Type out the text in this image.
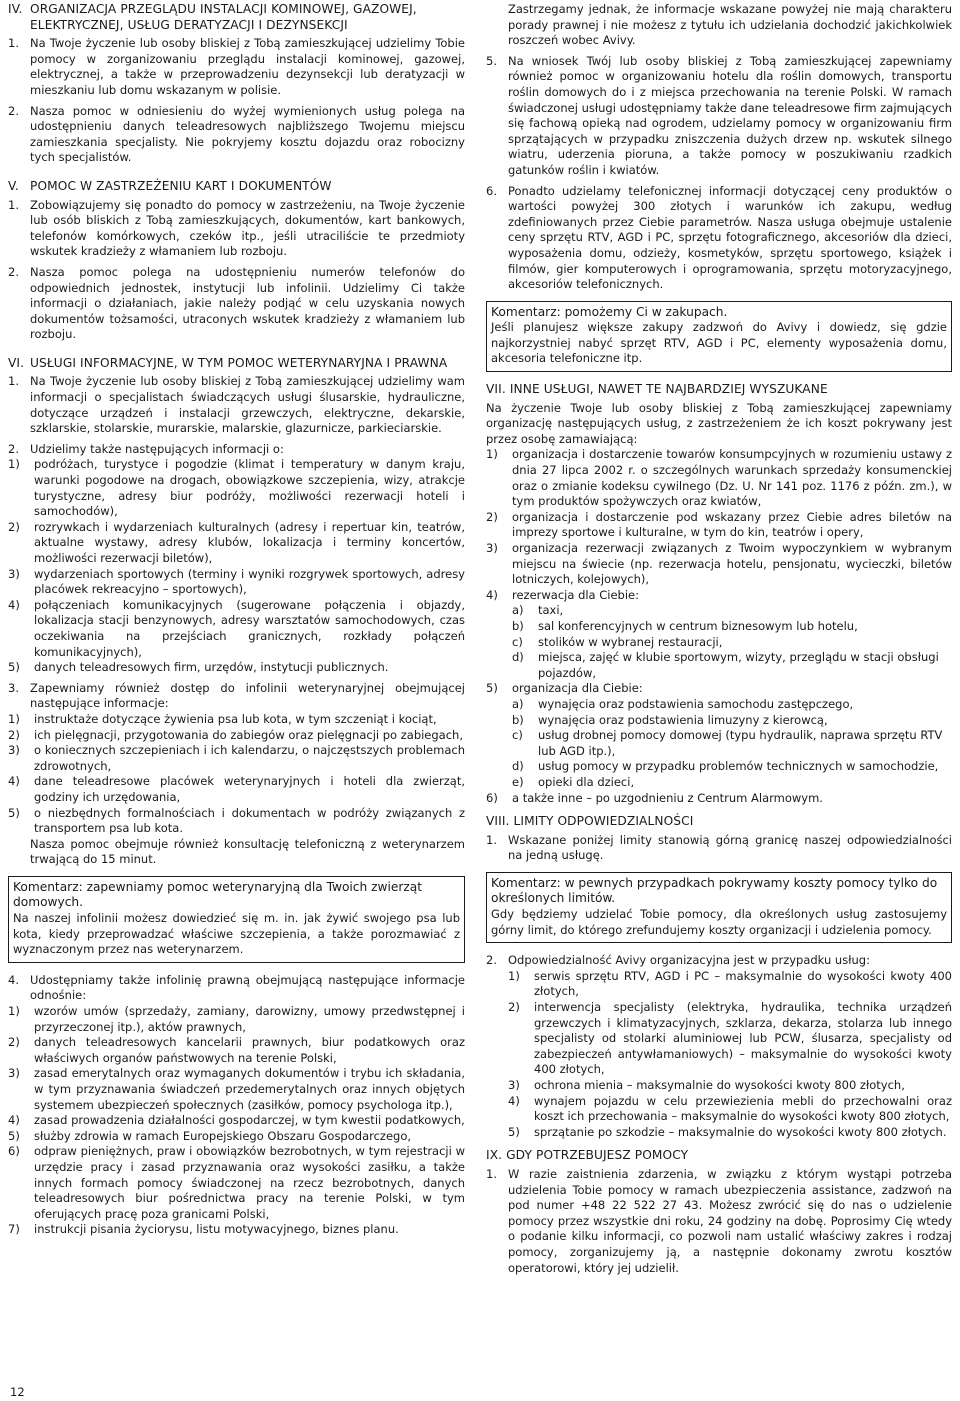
IV. ORGANIZACJA PRZEGLĄDU INSTALACJI KOMINOWEJ, GAZOWEJ, ELEKTRYCZNEJ, USŁUG DERATYZACJI I DEZYNSEKCJI
1. Na Twoje życzenie lub osoby bliskiej z Tobą zamieszkującej udzielimy Tobie pomocy w zorganizowaniu przeglądu instalacji kominowej, gazowej, elektrycznej, a także w przeprowadzeniu dezynsekcji lub deratyzacji w mieszkaniu lub domu wskazanym w polisie.
2. Nasza pomoc w odniesieniu do wyżej wymienionych usług polega na udostępnieniu danych teleadresowych najbliższego Twojemu miejscu zamieszkania specjalisty. Nie pokryjemy kosztu dojazdu oraz robocizny tych specjalistów.
V. POMOC W ZASTRZEŻENIU KART I DOKUMENTÓW
1. Zobowiązujemy się ponadto do pomocy w zastrzeżeniu, na Twoje życzenie lub osób bliskich z Tobą zamieszkujących, dokumentów, kart bankowych, telefonów komórkowych, czeków itp., jeśli utraciliście te przedmioty wskutek kradzieży z włamaniem lub rozboju.
2. Nasza pomoc polega na udostępnieniu numerów telefonów do odpowiednich jednostek, instytucji lub infolinii. Udzielimy Ci także informacji o działaniach, jakie należy podjąć w celu uzyskania nowych dokumentów tożsamości, utraconych wskutek kradzieży z włamaniem lub rozboju.
VI. USŁUGI INFORMACYJNE, W TYM POMOC WETERYNARYJNA I PRAWNA
1. Na Twoje życzenie lub osoby bliskiej z Tobą zamieszkującej udzielimy wam informacji o specjalistach świadczących usługi ślusarskie, hydrauliczne, dotyczące urządzeń i instalacji grzewczych, elektryczne, dekarskie, szklarskie, stolarskie, murarskie, malarskie, glazurnicze, parkieciarskie.
2. Udzielimy także następujących informacji o:
1)	podróżach, turystyce i pogodzie (klimat i temperatury w danym kraju, warunki pogodowe na drogach, obowiązkowe szczepienia, wizy, atrakcje turystyczne, adresy biur podróży, możliwości rezerwacji hoteli i samochodów),
2)	rozrywkach i wydarzeniach kulturalnych (adresy i repertuar kin, teatrów, aktualne wystawy, adresy klubów, lokalizacja i terminy koncertów, możliwości rezerwacji biletów),
3)	wydarzeniach sportowych (terminy i wyniki rozgrywek sportowych, adresy placówek rekreacyjno – sportowych),
4)	połączeniach komunikacyjnych (sugerowane połączenia i objazdy, lokalizacja stacji benzynowych, adresy warsztatów samochodowych, czas oczekiwania na przejściach granicznych, rozkłady połączeń komunikacyjnych),
5)	danych teleadresowych firm, urzędów, instytucji publicznych.
3. Zapewniamy również dostęp do infolinii weterynaryjnej obejmującej następujące informacje:
1)	instruktaże dotyczące żywienia psa lub kota, w tym szczeniąt i kociąt,
2)	ich pielęgnacji, przygotowania do zabiegów oraz pielęgnacji po zabiegach,
3)	o koniecznych szczepieniach i ich kalendarzu, o najczęstszych problemach zdrowotnych,
4)	dane teleadresowe placówek weterynaryjnych i hoteli dla zwierząt, godziny ich urzędowania,
5)	o niezbędnych formalnościach i dokumentach w podróży związanych z transportem psa lub kota.
Nasza pomoc obejmuje również konsultację telefoniczną z weterynarzem trwającą do 15 minut.
Komentarz: zapewniamy pomoc weterynaryjną dla Twoich zwierząt domowych.
Na naszej infolinii możesz dowiedzieć się m. in. jak żywić swojego psa lub kota, kiedy przeprowadzać właściwe szczepienia, a także porozmawiać z wyznaczonym przez nas weterynarzem.
4. Udostępniamy także infolinię prawną obejmującą następujące informacje odnośnie:
1)	wzorów umów (sprzedaży, zamiany, darowizny, umowy przedwstępnej i przyrzeczonej itp.), aktów prawnych,
2)	danych teleadresowych kancelarii prawnych, biur podatkowych oraz właściwych organów państwowych na terenie Polski,
3)	zasad emerytalnych oraz wymaganych dokumentów i trybu ich składania, w tym przyznawania świadczeń przedemerytalnych oraz innych objętych systemem ubezpieczeń społecznych (zasiłków, pomocy psychologa itp.),
4)	zasad prowadzenia działalności gospodarczej, w tym kwestii podatkowych,
5)	służby zdrowia w ramach Europejskiego Obszaru Gospodarczego,
6)	odpraw pieniężnych, praw i obowiązków bezrobotnych, w tym rejestracji w urzędzie pracy i zasad przyznawania oraz wysokości zasiłku, a także innych formach pomocy świadczonej na rzecz bezrobotnych, danych teleadresowych biur pośrednictwa pracy na terenie Polski, w tym oferujących pracę poza granicami Polski,
7)	instrukcji pisania życiorysu, listu motywacyjnego, biznes planu.
Zastrzegamy jednak, że informacje wskazane powyżej nie mają charakteru porady prawnej i nie możesz z tytułu ich udzielania dochodzić jakichkolwiek roszczeń wobec Avivy.
5. Na wniosek Twój lub osoby bliskiej z Tobą zamieszkującej zapewniamy również pomoc w organizowaniu hotelu dla roślin domowych, transportu roślin domowych do i z miejsca przechowania na terenie Polski. W ramach świadczonej usługi udostępniamy także dane teleadresowe firm zajmujących się fachową opieką nad ogrodem, udzielamy pomocy w organizowaniu firm sprzątających w przypadku zniszczenia dużych drzew np. wskutek silnego wiatru, uderzenia pioruna, a także pomocy w poszukiwaniu rzadkich gatunków roślin i kwiatów.
6. Ponadto udzielamy telefonicznej informacji dotyczącej ceny produktów o wartości powyżej 300 złotych i warunków ich zakupu, według zdefiniowanych przez Ciebie parametrów. Nasza usługa obejmuje ustalenie ceny sprzętu RTV, AGD i PC, sprzętu fotograficznego, akcesoriów dla dzieci, wyposażenia domu, odzieży, kosmetyków, sprzętu sportowego, książek i filmów, gier komputerowych i oprogramowania, sprzętu motoryzacyjnego, akcesoriów telefonicznych.
Komentarz: pomożemy Ci w zakupach.
Jeśli planujesz większe zakupy zadzwoń do Avivy i dowiedz, się gdzie najkorzystniej nabyć sprzęt RTV, AGD i PC, elementy wyposażenia domu, akcesoria telefoniczne itp.
VII. INNE USŁUGI, NAWET TE NAJBARDZIEJ WYSZUKANE
Na życzenie Twoje lub osoby bliskiej z Tobą zamieszkującej zapewniamy organizację następujących usług, z zastrzeżeniem że ich koszt pokrywany jest przez osobę zamawiającą:
1)	organizacja i dostarczenie towarów konsumpcyjnych w rozumieniu ustawy z dnia 27 lipca 2002 r. o szczególnych warunkach sprzedaży konsumenckiej oraz o zmianie kodeksu cywilnego (Dz. U. Nr 141 poz. 1176 z późn. zm.), w tym produktów spożywczych oraz kwiatów,
2)	organizacja i dostarczenie pod wskazany przez Ciebie adres biletów na imprezy sportowe i kulturalne, w tym do kin, teatrów i opery,
3)	organizacja rezerwacji związanych z Twoim wypoczynkiem w wybranym miejscu na świecie (np. rezerwacja hotelu, pensjonatu, wycieczki, biletów lotniczych, kolejowych),
4)	rezerwacja dla Ciebie:
a)	taxi,
b)	sal konferencyjnych w centrum biznesowym lub hotelu,
c)	stolików w wybranej restauracji,
d)	miejsca, zajęć w klubie sportowym, wizyty, przeglądu w stacji obsługi pojazdów,
5)	organizacja dla Ciebie:
a)	wynajęcia oraz podstawienia samochodu zastępczego,
b)	wynajęcia oraz podstawienia limuzyny z kierowcą,
c)	usług drobnej pomocy domowej (typu hydraulik, naprawa sprzętu RTV lub AGD itp.),
d)	usług pomocy w przypadku problemów technicznych w samochodzie,
e)	opieki dla dzieci,
6)	a także inne – po uzgodnieniu z Centrum Alarmowym.
VIII. LIMITY ODPOWIEDZIALNOŚCI
1. Wskazane poniżej limity stanowią górną granicę naszej odpowiedzialności na jedną usługę.
Komentarz: w pewnych przypadkach pokrywamy koszty pomocy tylko do określonych limitów.
Gdy będziemy udzielać Tobie pomocy, dla określonych usług zastosujemy górny limit, do którego zrefundujemy koszty organizacji i udzielenia pomocy.
2. Odpowiedzialność Avivy organizacyjna jest w przypadku usług:
1)	serwis sprzętu RTV, AGD i PC – maksymalnie do wysokości kwoty 400 złotych,
2)	interwencja specjalisty (elektryka, hydraulika, technika urządzeń grzewczych i klimatyzacyjnych, szklarza, dekarza, stolarza lub innego specjalisty od stolarki aluminiowej lub PCW, ślusarza, specjalisty od zabezpieczeń antywłamaniowych) – maksymalnie do wysokości kwoty 400 złotych,
3)	ochrona mienia – maksymalnie do wysokości kwoty 800 złotych,
4)	wynajem pojazdu w celu przewiezienia mebli do przechowalni oraz koszt ich przechowania – maksymalnie do wysokości kwoty 800 złotych,
5)	sprzątanie po szkodzie – maksymalnie do wysokości kwoty 800 złotych.
IX. GDY POTRZEBUJESZ POMOCY
1. W razie zaistnienia zdarzenia, w związku z którym wystąpi potrzeba udzielenia Tobie pomocy w ramach ubezpieczenia assistance, zadzwoń na pod numer +48 22 522 27 43. Możesz zwrócić się do nas o udzielenie pomocy przez wszystkie dni roku, 24 godziny na dobę. Poprosimy Cię wtedy o podanie kilku informacji, co pozwoli nam ustalić właściwy zakres i rodzaj pomocy, zorganizujemy ją, a następnie dokonamy zwrotu kosztów operatorowi, który jej udzielił.
12
